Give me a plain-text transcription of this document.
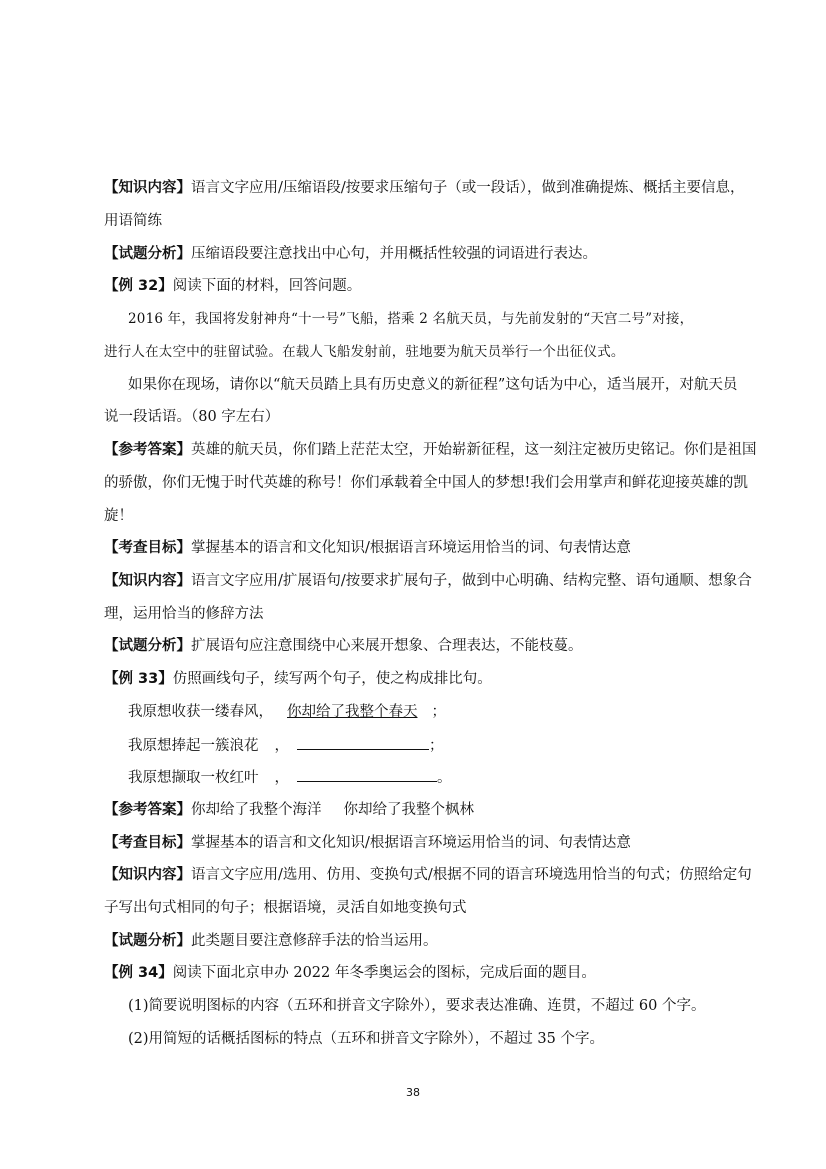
【知识内容】语言文字应用/压缩语段/按要求压缩句子（或一段话），做到准确提炼、概括主要信息，
用语简练
【试题分析】压缩语段要注意找出中心句，并用概括性较强的词语进行表达。
【例 32】阅读下面的材料，回答问题。
2016 年，我国将发射神舟“十一号”飞船，搭乘 2 名航天员，与先前发射的“天宫二号”对接，
进行人在太空中的驻留试验。在载人飞船发射前，驻地要为航天员举行一个出征仪式。
如果你在现场，请你以“航天员踏上具有历史意义的新征程”这句话为中心，适当展开，对航天员
说一段话语。（80 字左右）
【参考答案】英雄的航天员，你们踏上茫茫太空，开始崭新征程，这一刻注定被历史铭记。你们是祖国
的骄傲，你们无愧于时代英雄的称号！你们承载着全中国人的梦想!我们会用掌声和鲜花迎接英雄的凯
旋！
【考查目标】掌握基本的语言和文化知识/根据语言环境运用恰当的词、句表情达意
【知识内容】语言文字应用/扩展语句/按要求扩展句子，做到中心明确、结构完整、语句通顺、想象合
理，运用恰当的修辞方法
【试题分析】扩展语句应注意围绕中心来展开想象、合理表达，不能枝蔓。
【例 33】仿照画线句子，续写两个句子，使之构成排比句。
我原想收获一缕春风， 你却给了我整个春天 ；
我原想捧起一簇浪花 ，	；
我原想撷取一枚红叶 ，	。
【参考答案】你却给了我整个海洋 你却给了我整个枫林
【考查目标】掌握基本的语言和文化知识/根据语言环境运用恰当的词、句表情达意
【知识内容】语言文字应用/选用、仿用、变换句式/根据不同的语言环境选用恰当的句式；仿照给定句
子写出句式相同的句子；根据语境，灵活自如地变换句式
【试题分析】此类题目要注意修辞手法的恰当运用。
【例 34】阅读下面北京申办 2022 年冬季奥运会的图标，完成后面的题目。
(1)简要说明图标的内容（五环和拼音文字除外），要求表达准确、连贯，不超过 60 个字。
(2)用简短的话概括图标的特点（五环和拼音文字除外），不超过 35 个字。
38
